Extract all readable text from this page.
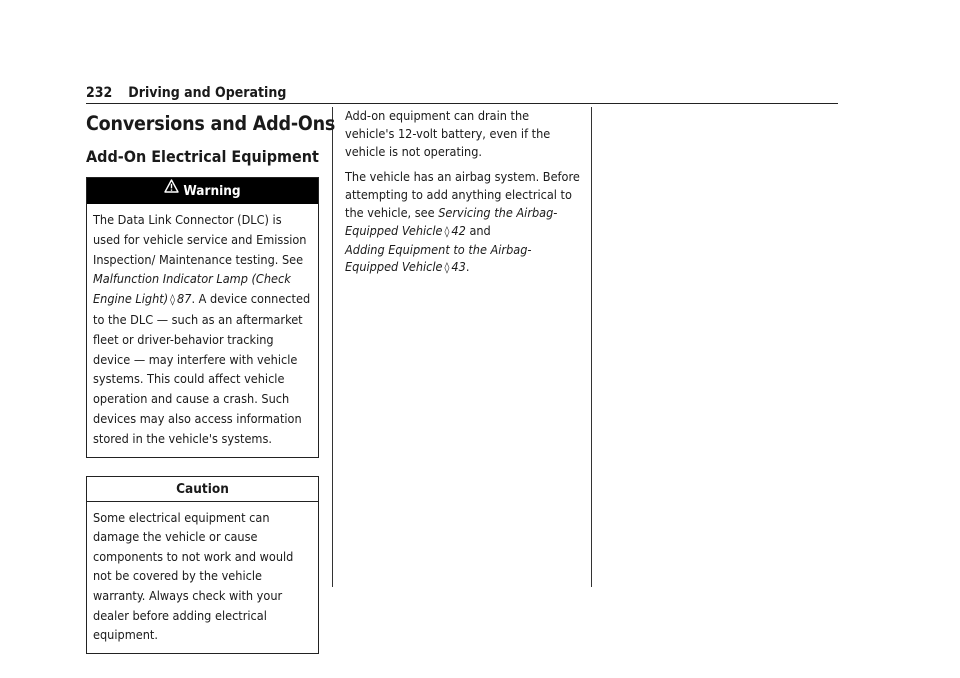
232 Driving and Operating
Conversions and Add-Ons
Add-On Electrical Equipment
Warning
The Data Link Connector (DLC) is used for vehicle service and Emission Inspection/ Maintenance testing. See Malfunction Indicator Lamp (Check Engine Light) ◊ 87. A device connected to the DLC — such as an aftermarket fleet or driver-behavior tracking device — may interfere with vehicle systems. This could affect vehicle operation and cause a crash. Such devices may also access information stored in the vehicle's systems.
Caution
Some electrical equipment can damage the vehicle or cause components to not work and would not be covered by the vehicle warranty. Always check with your dealer before adding electrical equipment.

Add-on equipment can drain the vehicle's 12-volt battery, even if the vehicle is not operating.

The vehicle has an airbag system. Before attempting to add anything electrical to the vehicle, see Servicing the Airbag-Equipped Vehicle ◊ 42 and
Adding Equipment to the Airbag-Equipped Vehicle ◊ 43.
